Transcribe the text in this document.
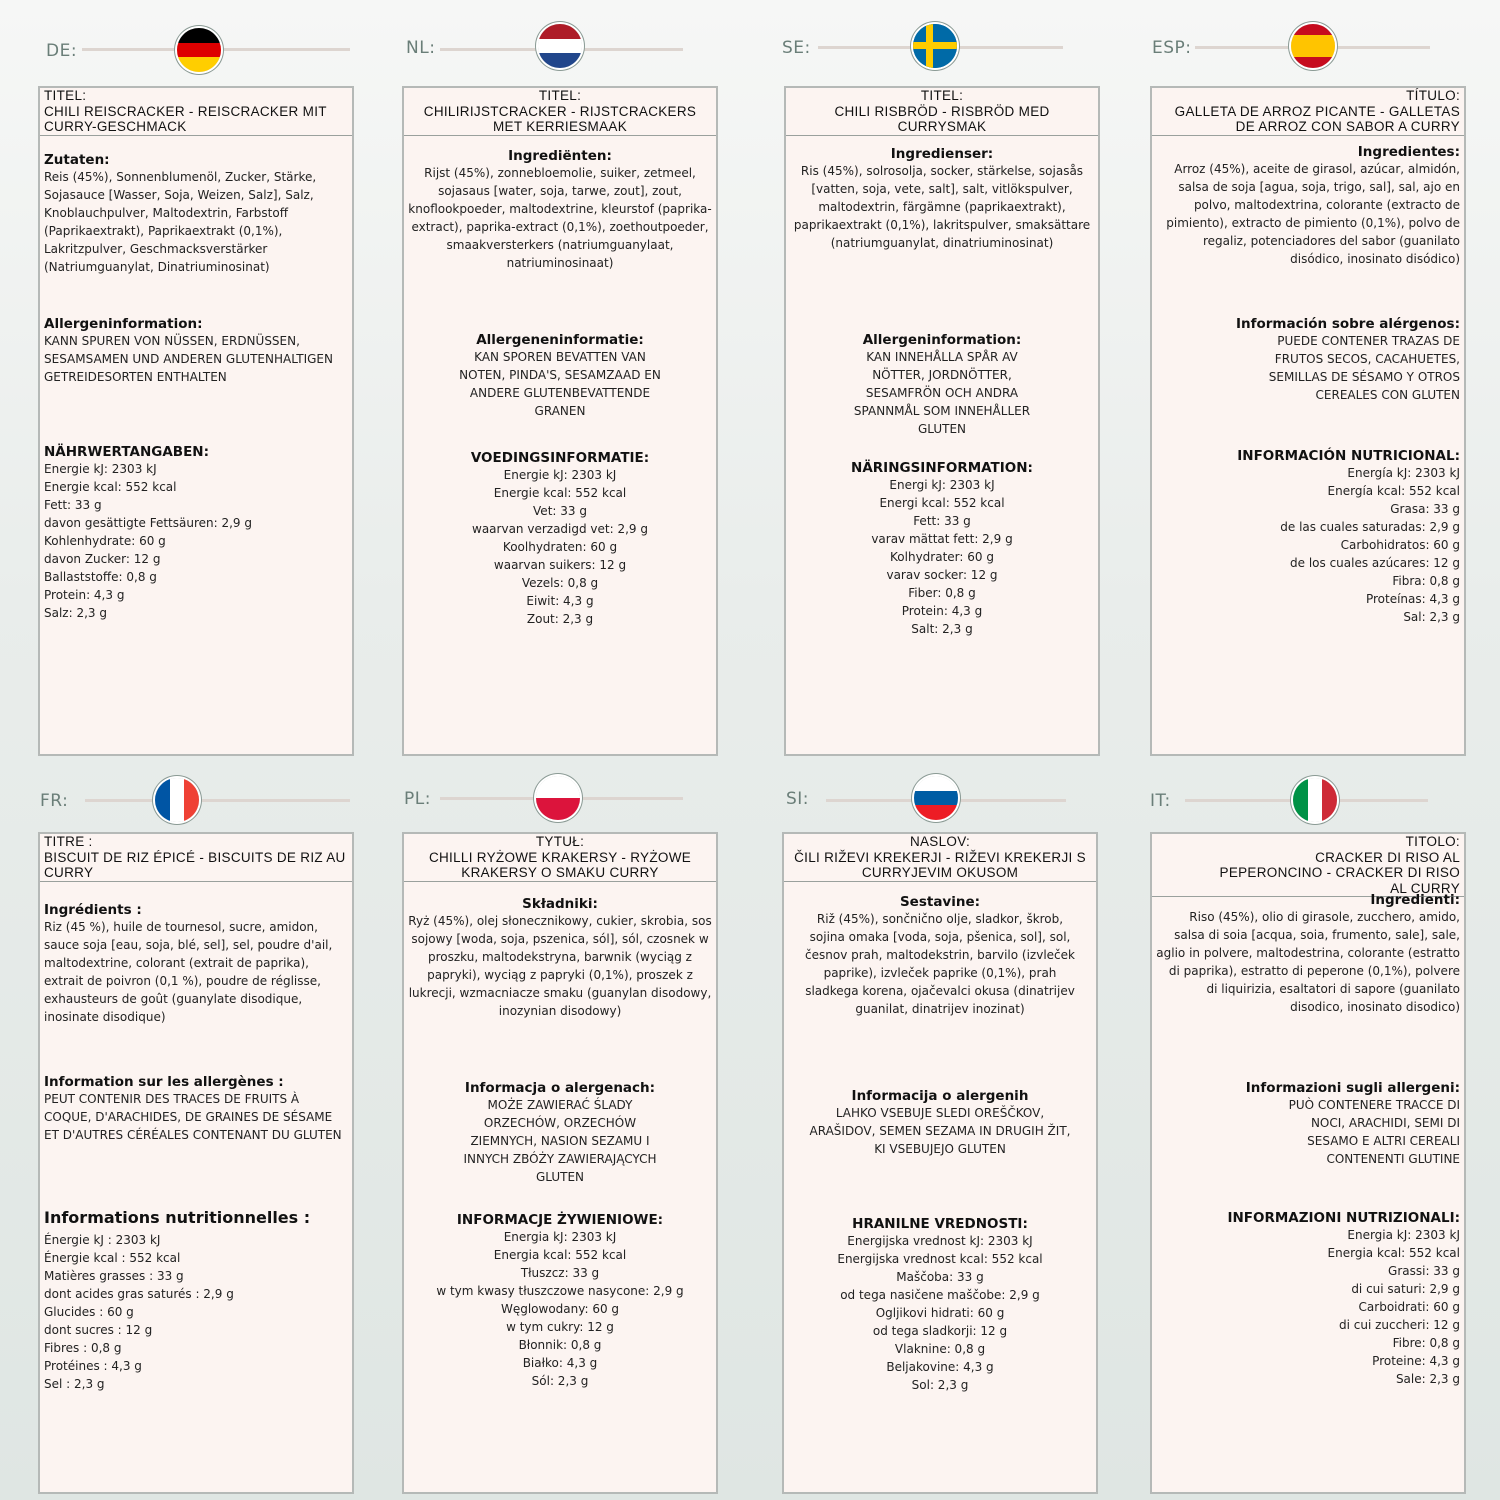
DE:	NL:	SE:	ESP:
FR:	PL:	SI:	IT:
TITEL:
CHILI REISCRACKER - REISCRACKER MIT CURRY-GESCHMACK
Zutaten:
Reis (45%), Sonnenblumenöl, Zucker, Stärke, Sojasauce [Wasser, Soja, Weizen, Salz], Salz, Knoblauchpulver, Maltodextrin, Farbstoff (Paprikaextrakt), Paprikaextrakt (0,1%), Lakritzpulver, Geschmacksverstärker (Natriumguanylat, Dinatriuminosinat)
Allergeninformation:
KANN SPUREN VON NÜSSEN, ERDNÜSSEN, SESAMSAMEN UND ANDEREN GLUTENHALTIGEN GETREIDESORTEN ENTHALTEN
NÄHRWERTANGABEN:
Energie kJ: 2303 kJ
Energie kcal: 552 kcal
Fett: 33 g
davon gesättigte Fettsäuren: 2,9 g
Kohlenhydrate: 60 g
davon Zucker: 12 g
Ballaststoffe: 0,8 g
Protein: 4,3 g
Salz: 2,3 g
TITEL:
CHILIRIJSTCRACKER - RIJSTCRACKERS MET KERRIESMAAK
Ingrediënten:
Rijst (45%), zonnebloemolie, suiker, zetmeel, sojasaus [water, soja, tarwe, zout], zout, knoflookpoeder, maltodextrine, kleurstof (paprika-extract), paprika-extract (0,1%), zoethoutpoeder, smaakversterkers (natriumguanylaat, natriuminosinaat)
Allergeneninformatie:
KAN SPOREN BEVATTEN VAN NOTEN, PINDA'S, SESAMZAAD EN ANDERE GLUTENBEVATTENDE GRANEN
VOEDINGSINFORMATIE:
Energie kJ: 2303 kJ
Energie kcal: 552 kcal
Vet: 33 g
waarvan verzadigd vet: 2,9 g
Koolhydraten: 60 g
waarvan suikers: 12 g
Vezels: 0,8 g
Eiwit: 4,3 g
Zout: 2,3 g
TITEL:
CHILI RISBRÖD - RISBRÖD MED CURRYSMAK
Ingredienser:
Ris (45%), solrosolja, socker, stärkelse, sojasås [vatten, soja, vete, salt], salt, vitlökspulver, maltodextrin, färgämne (paprikaextrakt), paprikaextrakt (0,1%), lakritspulver, smaksättare (natriumguanylat, dinatriuminosinat)
Allergeninformation:
KAN INNEHÅLLA SPÅR AV NÖTTER, JORDNÖTTER, SESAMFRÖN OCH ANDRA SPANNMÅL SOM INNEHÅLLER GLUTEN
NÄRINGSINFORMATION:
Energi kJ: 2303 kJ
Energi kcal: 552 kcal
Fett: 33 g
varav mättat fett: 2,9 g
Kolhydrater: 60 g
varav socker: 12 g
Fiber: 0,8 g
Protein: 4,3 g
Salt: 2,3 g
TÍTULO:
GALLETA DE ARROZ PICANTE - GALLETAS DE ARROZ CON SABOR A CURRY
Ingredientes:
Arroz (45%), aceite de girasol, azúcar, almidón, salsa de soja [agua, soja, trigo, sal], sal, ajo en polvo, maltodextrina, colorante (extracto de pimiento), extracto de pimiento (0,1%), polvo de regaliz, potenciadores del sabor (guanilato disódico, inosinato disódico)
Información sobre alérgenos:
PUEDE CONTENER TRAZAS DE FRUTOS SECOS, CACAHUETES, SEMILLAS DE SÉSAMO Y OTROS CEREALES CON GLUTEN
INFORMACIÓN NUTRICIONAL:
Energía kJ: 2303 kJ
Energía kcal: 552 kcal
Grasa: 33 g
de las cuales saturadas: 2,9 g
Carbohidratos: 60 g
de los cuales azúcares: 12 g
Fibra: 0,8 g
Proteínas: 4,3 g
Sal: 2,3 g
TITRE :
BISCUIT DE RIZ ÉPICÉ - BISCUITS DE RIZ AU CURRY
Ingrédients :
Riz (45 %), huile de tournesol, sucre, amidon, sauce soja [eau, soja, blé, sel], sel, poudre d'ail, maltodextrine, colorant (extrait de paprika), extrait de poivron (0,1 %), poudre de réglisse, exhausteurs de goût (guanylate disodique, inosinate disodique)
Information sur les allergènes :
PEUT CONTENIR DES TRACES DE FRUITS À COQUE, D'ARACHIDES, DE GRAINES DE SÉSAME ET D'AUTRES CÉRÉALES CONTENANT DU GLUTEN
Informations nutritionnelles :
Énergie kJ : 2303 kJ
Énergie kcal : 552 kcal
Matières grasses : 33 g
dont acides gras saturés : 2,9 g
Glucides : 60 g
dont sucres : 12 g
Fibres : 0,8 g
Protéines : 4,3 g
Sel : 2,3 g
TYTUŁ:
CHILLI RYŻOWE KRAKERSY - RYŻOWE KRAKERSY O SMAKU CURRY
Składniki:
Ryż (45%), olej słonecznikowy, cukier, skrobia, sos sojowy [woda, soja, pszenica, sól], sól, czosnek w proszku, maltodekstryna, barwnik (wyciąg z papryki), wyciąg z papryki (0,1%), proszek z lukrecji, wzmacniacze smaku (guanylan disodowy, inozynian disodowy)
Informacja o alergenach:
MOŻE ZAWIERAĆ ŚLADY ORZECHÓW, ORZECHÓW ZIEMNYCH, NASION SEZAMU I INNYCH ZBÓŻY ZAWIERAJĄCYCH GLUTEN
INFORMACJE ŻYWIENIOWE:
Energia kJ: 2303 kJ
Energia kcal: 552 kcal
Tłuszcz: 33 g
w tym kwasy tłuszczowe nasycone: 2,9 g
Węglowodany: 60 g
w tym cukry: 12 g
Błonnik: 0,8 g
Białko: 4,3 g
Sól: 2,3 g
NASLOV:
ČILI RIŽEVI KREKERJI - RIŽEVI KREKERJI S CURRYJEVIM OKUSOM
Sestavine:
Riž (45%), sončnično olje, sladkor, škrob, sojina omaka [voda, soja, pšenica, sol], sol, česnov prah, maltodekstrin, barvilo (izvleček paprike), izvleček paprike (0,1%), prah sladkega korena, ojačevalci okusa (dinatrijev guanilat, dinatrijev inozinat)
Informacija o alergenih
LAHKO VSEBUJE SLEDI OREŠČKOV, ARAŠIDOV, SEMEN SEZAMA IN DRUGIH ŽIT, KI VSEBUJEJO GLUTEN
HRANILNE VREDNOSTI:
Energijska vrednost kJ: 2303 kJ
Energijska vrednost kcal: 552 kcal
Maščoba: 33 g
od tega nasičene maščobe: 2,9 g
Ogljikovi hidrati: 60 g
od tega sladkorji: 12 g
Vlaknine: 0,8 g
Beljakovine: 4,3 g
Sol: 2,3 g
TITOLO:
CRACKER DI RISO AL PEPERONCINO - CRACKER DI RISO AL CURRY
Ingredienti:
Riso (45%), olio di girasole, zucchero, amido, salsa di soia [acqua, soia, frumento, sale], sale, aglio in polvere, maltodestrina, colorante (estratto di paprika), estratto di peperone (0,1%), polvere di liquirizia, esaltatori di sapore (guanilato disodico, inosinato disodico)
Informazioni sugli allergeni:
PUÒ CONTENERE TRACCE DI NOCI, ARACHIDI, SEMI DI SESAMO E ALTRI CEREALI CONTENENTI GLUTINE
INFORMAZIONI NUTRIZIONALI:
Energia kJ: 2303 kJ
Energia kcal: 552 kcal
Grassi: 33 g
di cui saturi: 2,9 g
Carboidrati: 60 g
di cui zuccheri: 12 g
Fibre: 0,8 g
Proteine: 4,3 g
Sale: 2,3 g
